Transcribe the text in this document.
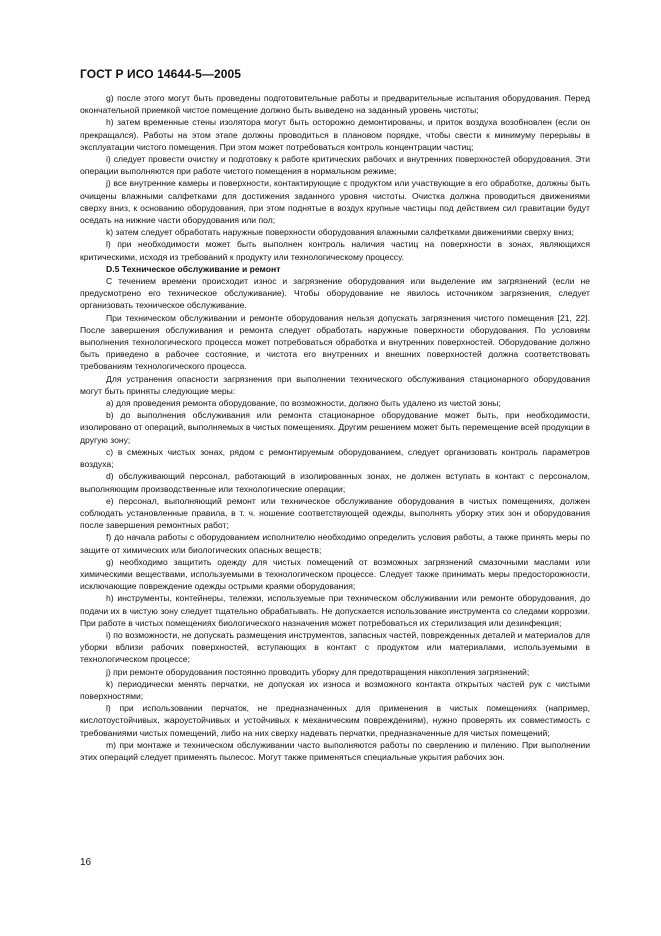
ГОСТ Р ИСО 14644-5—2005

g) после этого могут быть проведены подготовительные работы и предварительные испытания оборудования. Перед окончательной приемкой чистое помещение должно быть выведено на заданный уровень чистоты;

h) затем временные стены изолятора могут быть осторожно демонтированы, и приток воздуха возобновлен (если он прекращался). Работы на этом этапе должны проводиться в плановом порядке, чтобы свести к минимуму перерывы в эксплуатации чистого помещения. При этом может потребоваться контроль концентрации частиц;

i) следует провести очистку и подготовку к работе критических рабочих и внутренних поверхностей оборудования. Эти операции выполняются при работе чистого помещения в нормальном режиме;

j) все внутренние камеры и поверхности, контактирующие с продуктом или участвующие в его обработке, должны быть очищены влажными салфетками для достижения заданного уровня чистоты. Очистка должна проводиться движениями сверху вниз, к основанию оборудования, при этом поднятые в воздух крупные частицы под действием сил гравитации будут оседать на нижние части оборудования или пол;

k) затем следует обработать наружные поверхности оборудования влажными салфетками движениями сверху вниз;

l) при необходимости может быть выполнен контроль наличия частиц на поверхности в зонах, являющихся критическими, исходя из требований к продукту или технологическому процессу.

D.5 Техническое обслуживание и ремонт

С течением времени происходит износ и загрязнение оборудования или выделение им загрязнений (если не предусмотрено его техническое обслуживание). Чтобы оборудование не явилось источником загрязнения, следует организовать техническое обслуживание.

При техническом обслуживании и ремонте оборудования нельзя допускать загрязнения чистого помещения [21, 22]. После завершения обслуживания и ремонта следует обработать наружные поверхности оборудования. По условиям выполнения технологического процесса может потребоваться обработка и внутренних поверхностей. Оборудование должно быть приведено в рабочее состояние, и чистота его внутренних и внешних поверхностей должна соответствовать требованиям технологического процесса.

Для устранения опасности загрязнения при выполнении технического обслуживания стационарного оборудования могут быть приняты следующие меры:

a) для проведения ремонта оборудование, по возможности, должно быть удалено из чистой зоны;

b) до выполнения обслуживания или ремонта стационарное оборудование может быть, при необходимости, изолировано от операций, выполняемых в чистых помещениях. Другим решением может быть перемещение всей продукции в другую зону;

c) в смежных чистых зонах, рядом с ремонтируемым оборудованием, следует организовать контроль параметров воздуха;

d) обслуживающий персонал, работающий в изолированных зонах, не должен вступать в контакт с персоналом, выполняющим производственные или технологические операции;

e) персонал, выполняющий ремонт или техническое обслуживание оборудования в чистых помещениях, должен соблюдать установленные правила, в т. ч. ношение соответствующей одежды, выполнять уборку этих зон и оборудования после завершения ремонтных работ;

f) до начала работы с оборудованием исполнителю необходимо определить условия работы, а также принять меры по защите от химических или биологических опасных веществ;

g) необходимо защитить одежду для чистых помещений от возможных загрязнений смазочными маслами или химическими веществами, используемыми в технологическом процессе. Следует также принимать меры предосторожности, исключающие повреждение одежды острыми краями оборудования;

h) инструменты, контейнеры, тележки, используемые при техническом обслуживании или ремонте оборудования, до подачи их в чистую зону следует тщательно обрабатывать. Не допускается использование инструмента со следами коррозии. При работе в чистых помещениях биологического назначения может потребоваться их стерилизация или дезинфекция;

i) по возможности, не допускать размещения инструментов, запасных частей, поврежденных деталей и материалов для уборки вблизи рабочих поверхностей, вступающих в контакт с продуктом или материалами, используемыми в технологическом процессе;

j) при ремонте оборудования постоянно проводить уборку для предотвращения накопления загрязнений;

k) периодически менять перчатки, не допуская их износа и возможного контакта открытых частей рук с чистыми поверхностями;

l) при использовании перчаток, не предназначенных для применения в чистых помещениях (например, кислотоустойчивых, жароустойчивых и устойчивых к механическим повреждениям), нужно проверять их совместимость с требованиями чистых помещений, либо на них сверху надевать перчатки, предназначенные для чистых помещений;

m) при монтаже и техническом обслуживании часто выполняются работы по сверлению и пилению. При выполнении этих операций следует применять пылесос. Могут также применяться специальные укрытия рабочих зон.

16
